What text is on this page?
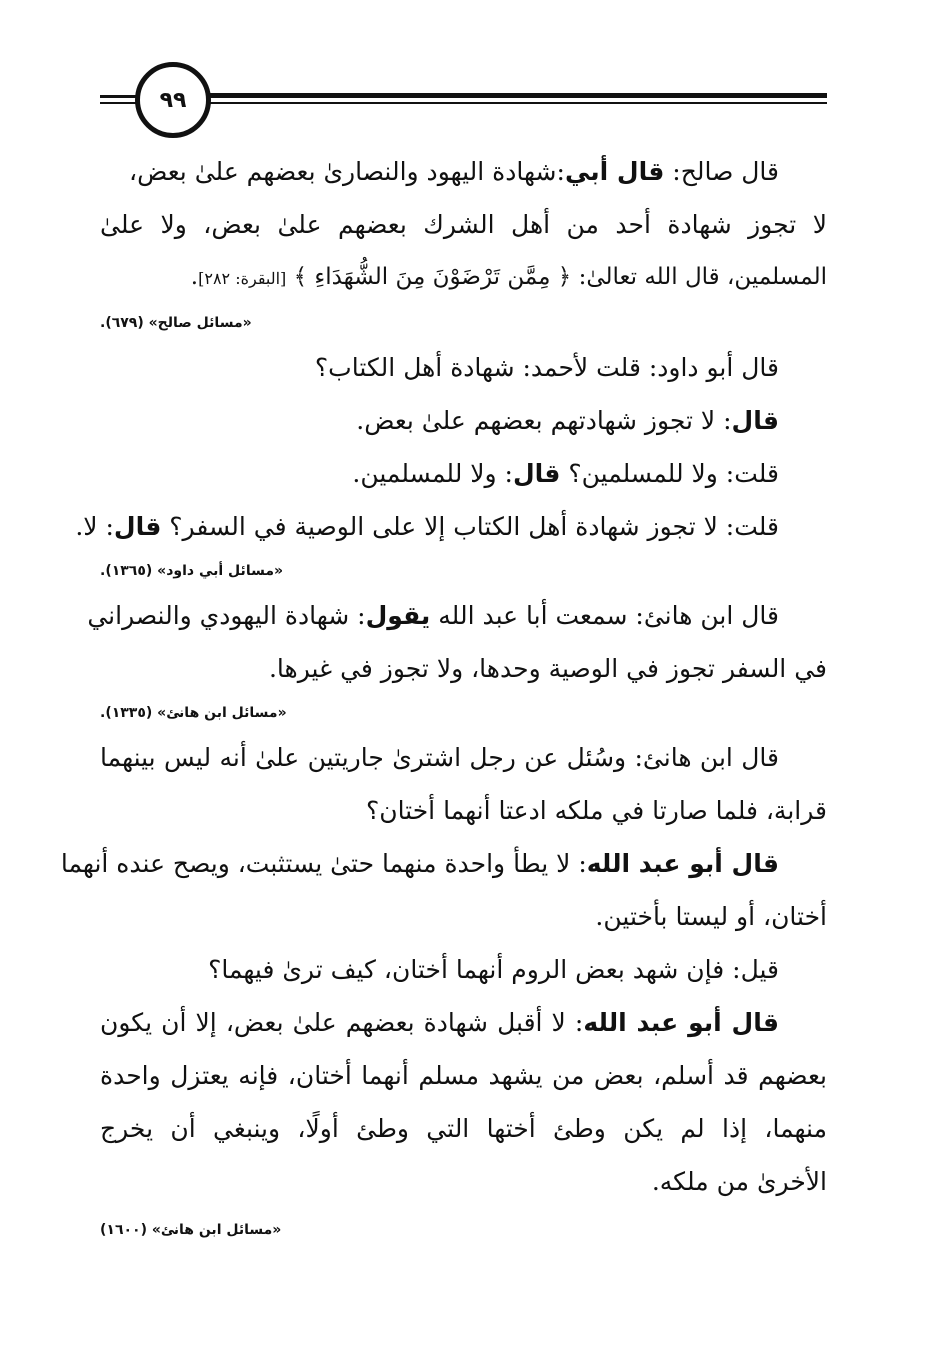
٩٩
قال صالح: قال أبي:شهادة اليهود والنصارىٰ بعضهم علىٰ بعض،
لا تجوز شهادة أحد من أهل الشرك بعضهم علىٰ بعض، ولا علىٰ
المسلمين، قال الله تعالىٰ: ﴿ مِمَّن تَرْضَوْنَ مِنَ الشُّهَدَاءِ ﴾ [البقرة: ٢٨٢].
«مسائل صالح» (٦٧٩).
قال أبو داود: قلت لأحمد: شهادة أهل الكتاب؟
قال: لا تجوز شهادتهم بعضهم علىٰ بعض.
قلت: ولا للمسلمين؟ قال: ولا للمسلمين.
قلت: لا تجوز شهادة أهل الكتاب إلا على الوصية في السفر؟ قال: لا.
«مسائل أبي داود» (١٣٦٥).
قال ابن هانئ: سمعت أبا عبد الله يقول: شهادة اليهودي والنصراني
في السفر تجوز في الوصية وحدها، ولا تجوز في غيرها.
«مسائل ابن هانئ» (١٣٣٥).
قال ابن هانئ: وسُئل عن رجل اشترىٰ جاريتين علىٰ أنه ليس بينهما
قرابة، فلما صارتا في ملكه ادعتا أنهما أختان؟
قال أبو عبد الله: لا يطأ واحدة منهما حتىٰ يستثبت، ويصح عنده أنهما
أختان، أو ليستا بأختين.
قيل: فإن شهد بعض الروم أنهما أختان، كيف ترىٰ فيهما؟
قال أبو عبد الله: لا أقبل شهادة بعضهم علىٰ بعض، إلا أن يكون
بعضهم قد أسلم، بعض من يشهد مسلم أنهما أختان، فإنه يعتزل واحدة
منهما، إذا لم يكن وطئ أختها التي وطئ أولًا، وينبغي أن يخرج
الأخرىٰ من ملكه.
«مسائل ابن هانئ» (١٦٠٠)
